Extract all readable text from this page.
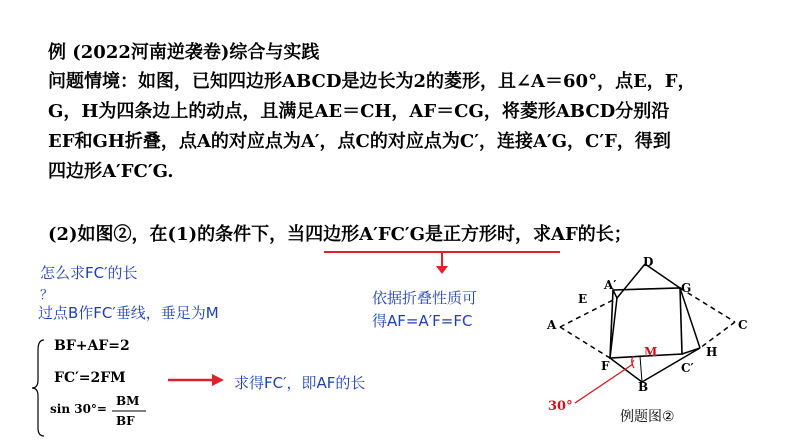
例 (2022河南逆袭卷)综合与实践
问题情境：如图，已知四边形ABCD是边长为2的菱形，且∠A＝60°，点E，F，
G，H为四条边上的动点，且满足AE＝CH，AF＝CG，将菱形ABCD分别沿
EF和GH折叠，点A的对应点为A′，点C的对应点为C′，连接A′G，C′F，得到
四边形A′FC′G.
(2)如图②，在(1)的条件下，当四边形A′FC′G是正方形时，求AF的长；
怎么求FC′的长
？
过点B作FC′垂线，垂足为M
依据折叠性质可
得AF=A′F=FC
BF+AF=2
FC′=2FM
sin 30°=
BM
BF
求得FC′，即AF的长
A
E
A′
D
G
C
H
C′
F
M
B
30°
例题图②
